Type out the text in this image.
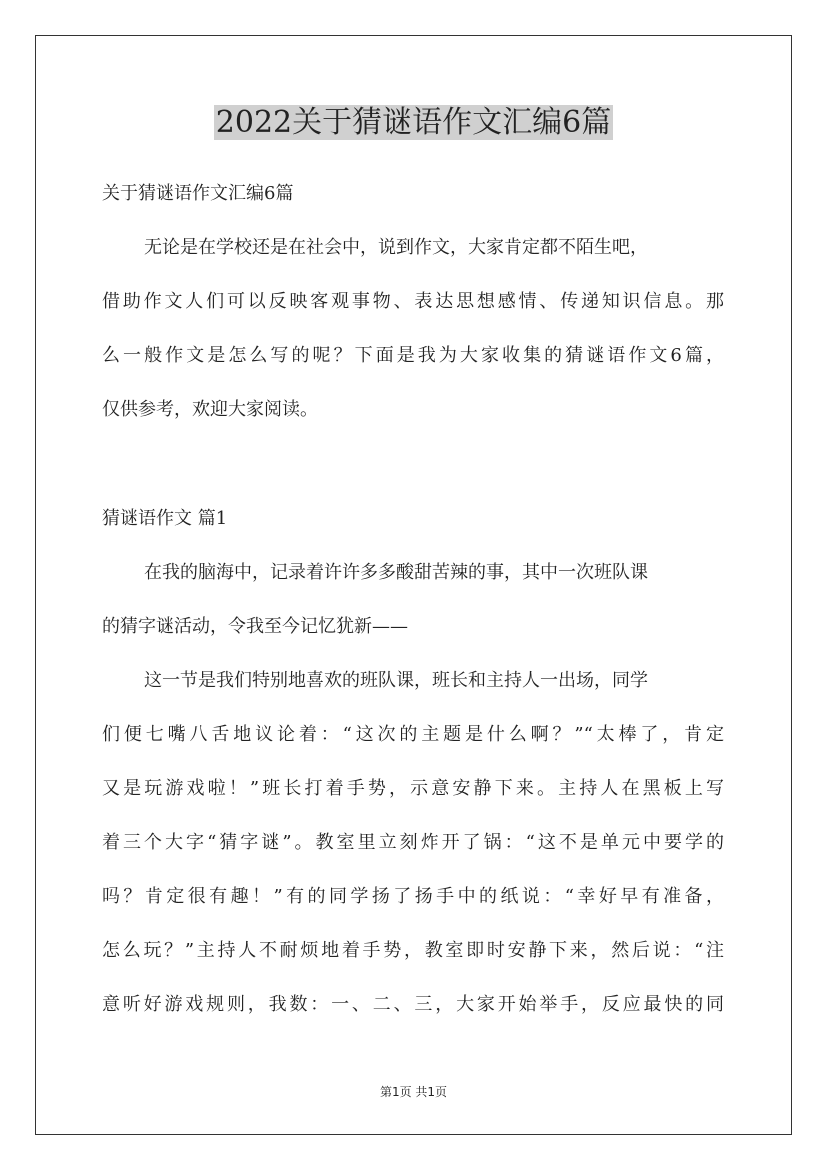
2022关于猜谜语作文汇编6篇
关于猜谜语作文汇编6篇
无论是在学校还是在社会中，说到作文，大家肯定都不陌生吧，
借助作文人们可以反映客观事物、表达思想感情、传递知识信息。那
么一般作文是怎么写的呢？下面是我为大家收集的猜谜语作文6篇，
仅供参考，欢迎大家阅读。
猜谜语作文 篇1
在我的脑海中，记录着许许多多酸甜苦辣的事，其中一次班队课
的猜字谜活动，令我至今记忆犹新——
这一节是我们特别地喜欢的班队课，班长和主持人一出场，同学
们便七嘴八舌地议论着：“这次的主题是什么啊？”“太棒了，肯定
又是玩游戏啦！”班长打着手势，示意安静下来。主持人在黑板上写
着三个大字“猜字谜”。教室里立刻炸开了锅：“这不是单元中要学的
吗？肯定很有趣！”有的同学扬了扬手中的纸说：“幸好早有准备，
怎么玩？”主持人不耐烦地着手势，教室即时安静下来，然后说：“注
意听好游戏规则，我数：一、二、三，大家开始举手，反应最快的同
第1页 共1页
